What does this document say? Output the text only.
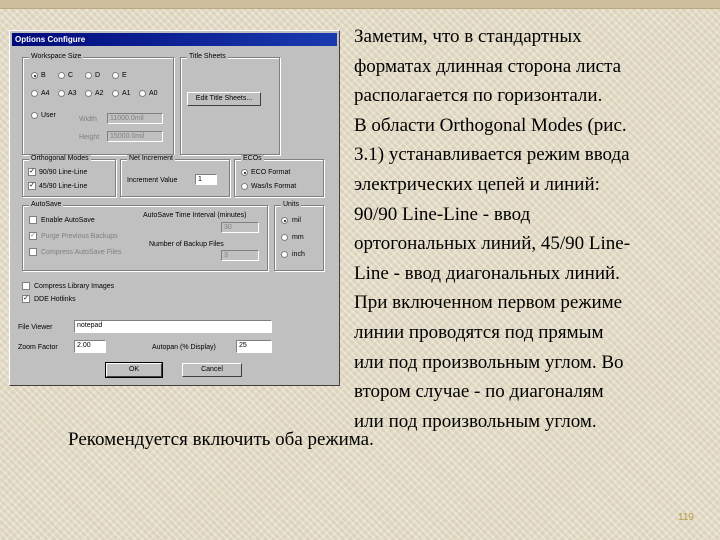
Options Configure
Workspace Size
B	C	D	E
A4	A3	A2	A1	A0
User
Width	11000.0mil
Height	15000.0mil
Title Sheets
Edit Title Sheets...
Orthogonal Modes
✓ 90/90 Line-Line
✓ 45/90 Line-Line
Net Increment
Increment Value	1
ECOs
ECO Format
Was/Is Format
AutoSave
Enable AutoSave
AutoSave Time Interval (minutes)
30
✓ Purge Previous Backups
Number of Backup Files
3
Compress AutoSave Files
Units
mil
mm
inch
Compress Library Images
✓ DDE Hotlinks
File Viewer	notepad
Zoom Factor	2.00	Autopan (% Display)	25
OK	Cancel
Заметим, что в стандартных
форматах длинная сторона листа
располагается по горизонтали.
В области Orthogonal Modes (рис.
3.1) устанавливается режим ввода
электрических цепей и линий:
90/90 Line-Line - ввод
ортогональных линий, 45/90 Line-
Line - ввод диагональных линий.
При включенном первом режиме
линии проводятся под прямым
или под произвольным углом. Во
втором случае - по диагоналям
или под произвольным углом.
Рекомендуется включить оба режима.
119
